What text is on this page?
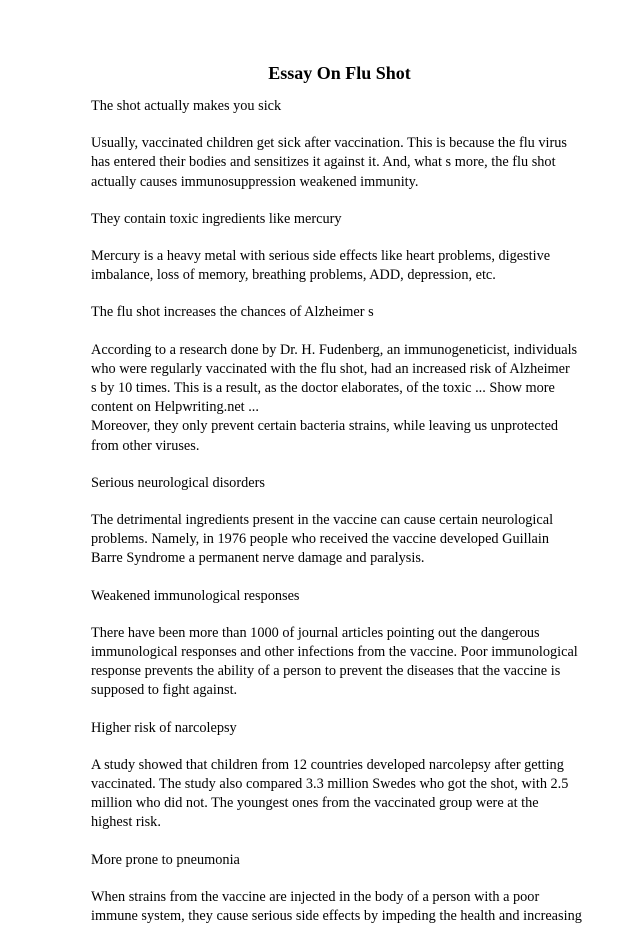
Essay On Flu Shot
The shot actually makes you sick
Usually, vaccinated children get sick after vaccination. This is because the flu virus
has entered their bodies and sensitizes it against it. And, what s more, the flu shot
actually causes immunosuppression weakened immunity.
They contain toxic ingredients like mercury
Mercury is a heavy metal with serious side effects like heart problems, digestive
imbalance, loss of memory, breathing problems, ADD, depression, etc.
The flu shot increases the chances of Alzheimer s
According to a research done by Dr. H. Fudenberg, an immunogeneticist, individuals
who were regularly vaccinated with the flu shot, had an increased risk of Alzheimer
s by 10 times. This is a result, as the doctor elaborates, of the toxic ... Show more
content on Helpwriting.net ...
Moreover, they only prevent certain bacteria strains, while leaving us unprotected
from other viruses.
Serious neurological disorders
The detrimental ingredients present in the vaccine can cause certain neurological
problems. Namely, in 1976 people who received the vaccine developed Guillain
Barre Syndrome a permanent nerve damage and paralysis.
Weakened immunological responses
There have been more than 1000 of journal articles pointing out the dangerous
immunological responses and other infections from the vaccine. Poor immunological
response prevents the ability of a person to prevent the diseases that the vaccine is
supposed to fight against.
Higher risk of narcolepsy
A study showed that children from 12 countries developed narcolepsy after getting
vaccinated. The study also compared 3.3 million Swedes who got the shot, with 2.5
million who did not. The youngest ones from the vaccinated group were at the
highest risk.
More prone to pneumonia
When strains from the vaccine are injected in the body of a person with a poor
immune system, they cause serious side effects by impeding the health and increasing
